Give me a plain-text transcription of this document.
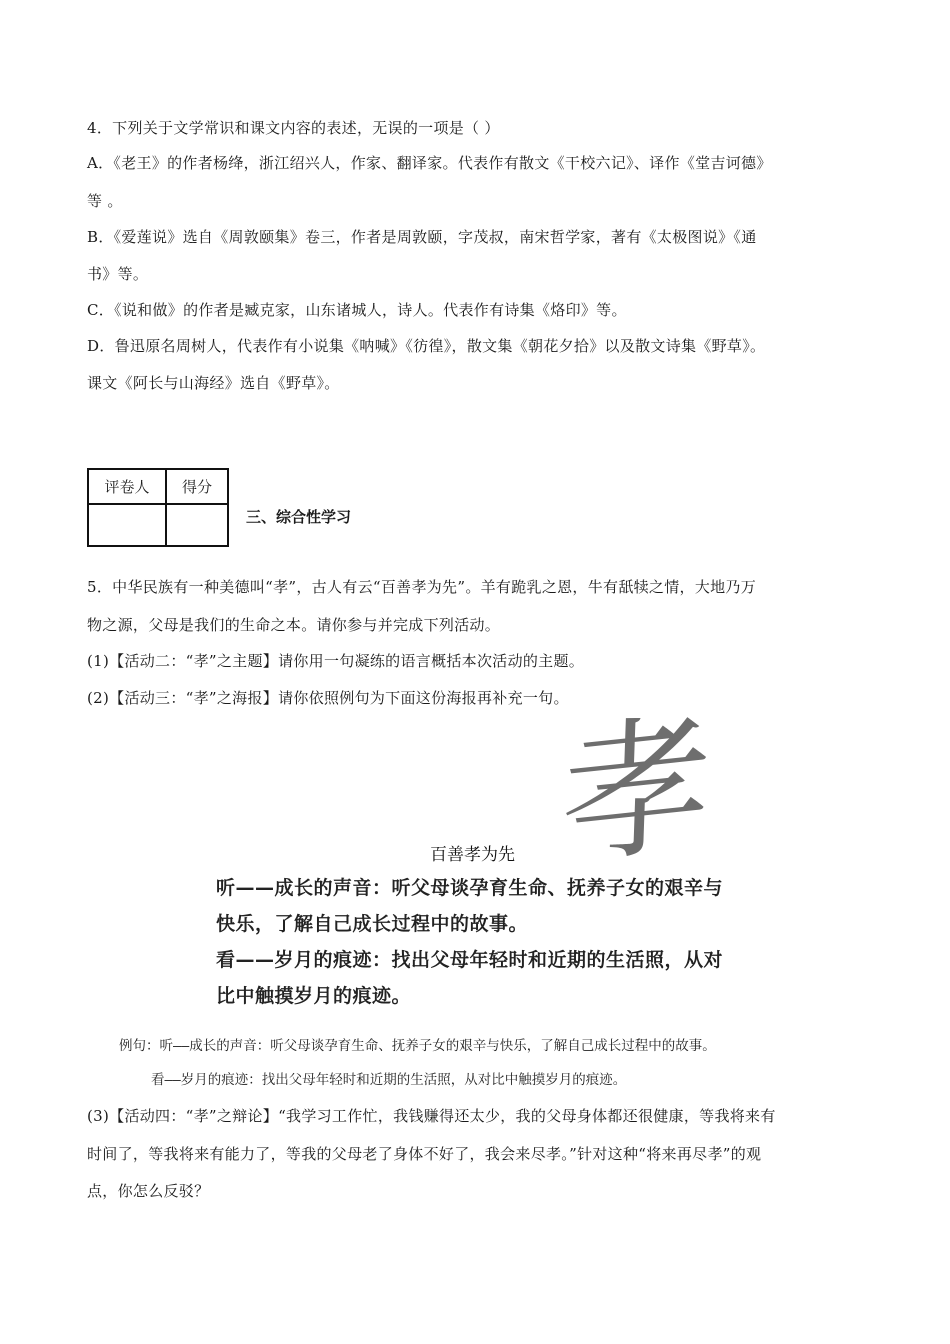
4．下列关于文学常识和课文内容的表述，无误的一项是（ ）
A．《老王》的作者杨绛，浙江绍兴人，作家、翻译家。代表作有散文《干校六记》、译作《堂吉诃德》
等 。
B．《爱莲说》选自《周敦颐集》卷三，作者是周敦颐，字茂叔，南宋哲学家，著有《太极图说》《通
书》等。
C．《说和做》的作者是臧克家，山东诸城人，诗人。代表作有诗集《烙印》等。
D．鲁迅原名周树人，代表作有小说集《呐喊》《彷徨》，散文集《朝花夕拾》以及散文诗集《野草》。
课文《阿长与山海经》选自《野草》。
评卷人	得分

三、综合性学习
5．中华民族有一种美德叫“孝”，古人有云“百善孝为先”。羊有跪乳之恩，牛有舐犊之情，大地乃万
物之源，父母是我们的生命之本。请你参与并完成下列活动。
(1)【活动二：“孝”之主题】请你用一句凝练的语言概括本次活动的主题。
(2)【活动三：“孝”之海报】请你依照例句为下面这份海报再补充一句。
孝
百善孝为先
听——成长的声音：听父母谈孕育生命、抚养子女的艰辛与
快乐，了解自己成长过程中的故事。
看——岁月的痕迹：找出父母年轻时和近期的生活照，从对
比中触摸岁月的痕迹。
例句：听——成长的声音：听父母谈孕育生命、抚养子女的艰辛与快乐，了解自己成长过程中的故事。
看——岁月的痕迹：找出父母年轻时和近期的生活照，从对比中触摸岁月的痕迹。
(3)【活动四：“孝”之辩论】“我学习工作忙，我钱赚得还太少，我的父母身体都还很健康，等我将来有
时间了，等我将来有能力了，等我的父母老了身体不好了，我会来尽孝。”针对这种“将来再尽孝”的观
点，你怎么反驳？
